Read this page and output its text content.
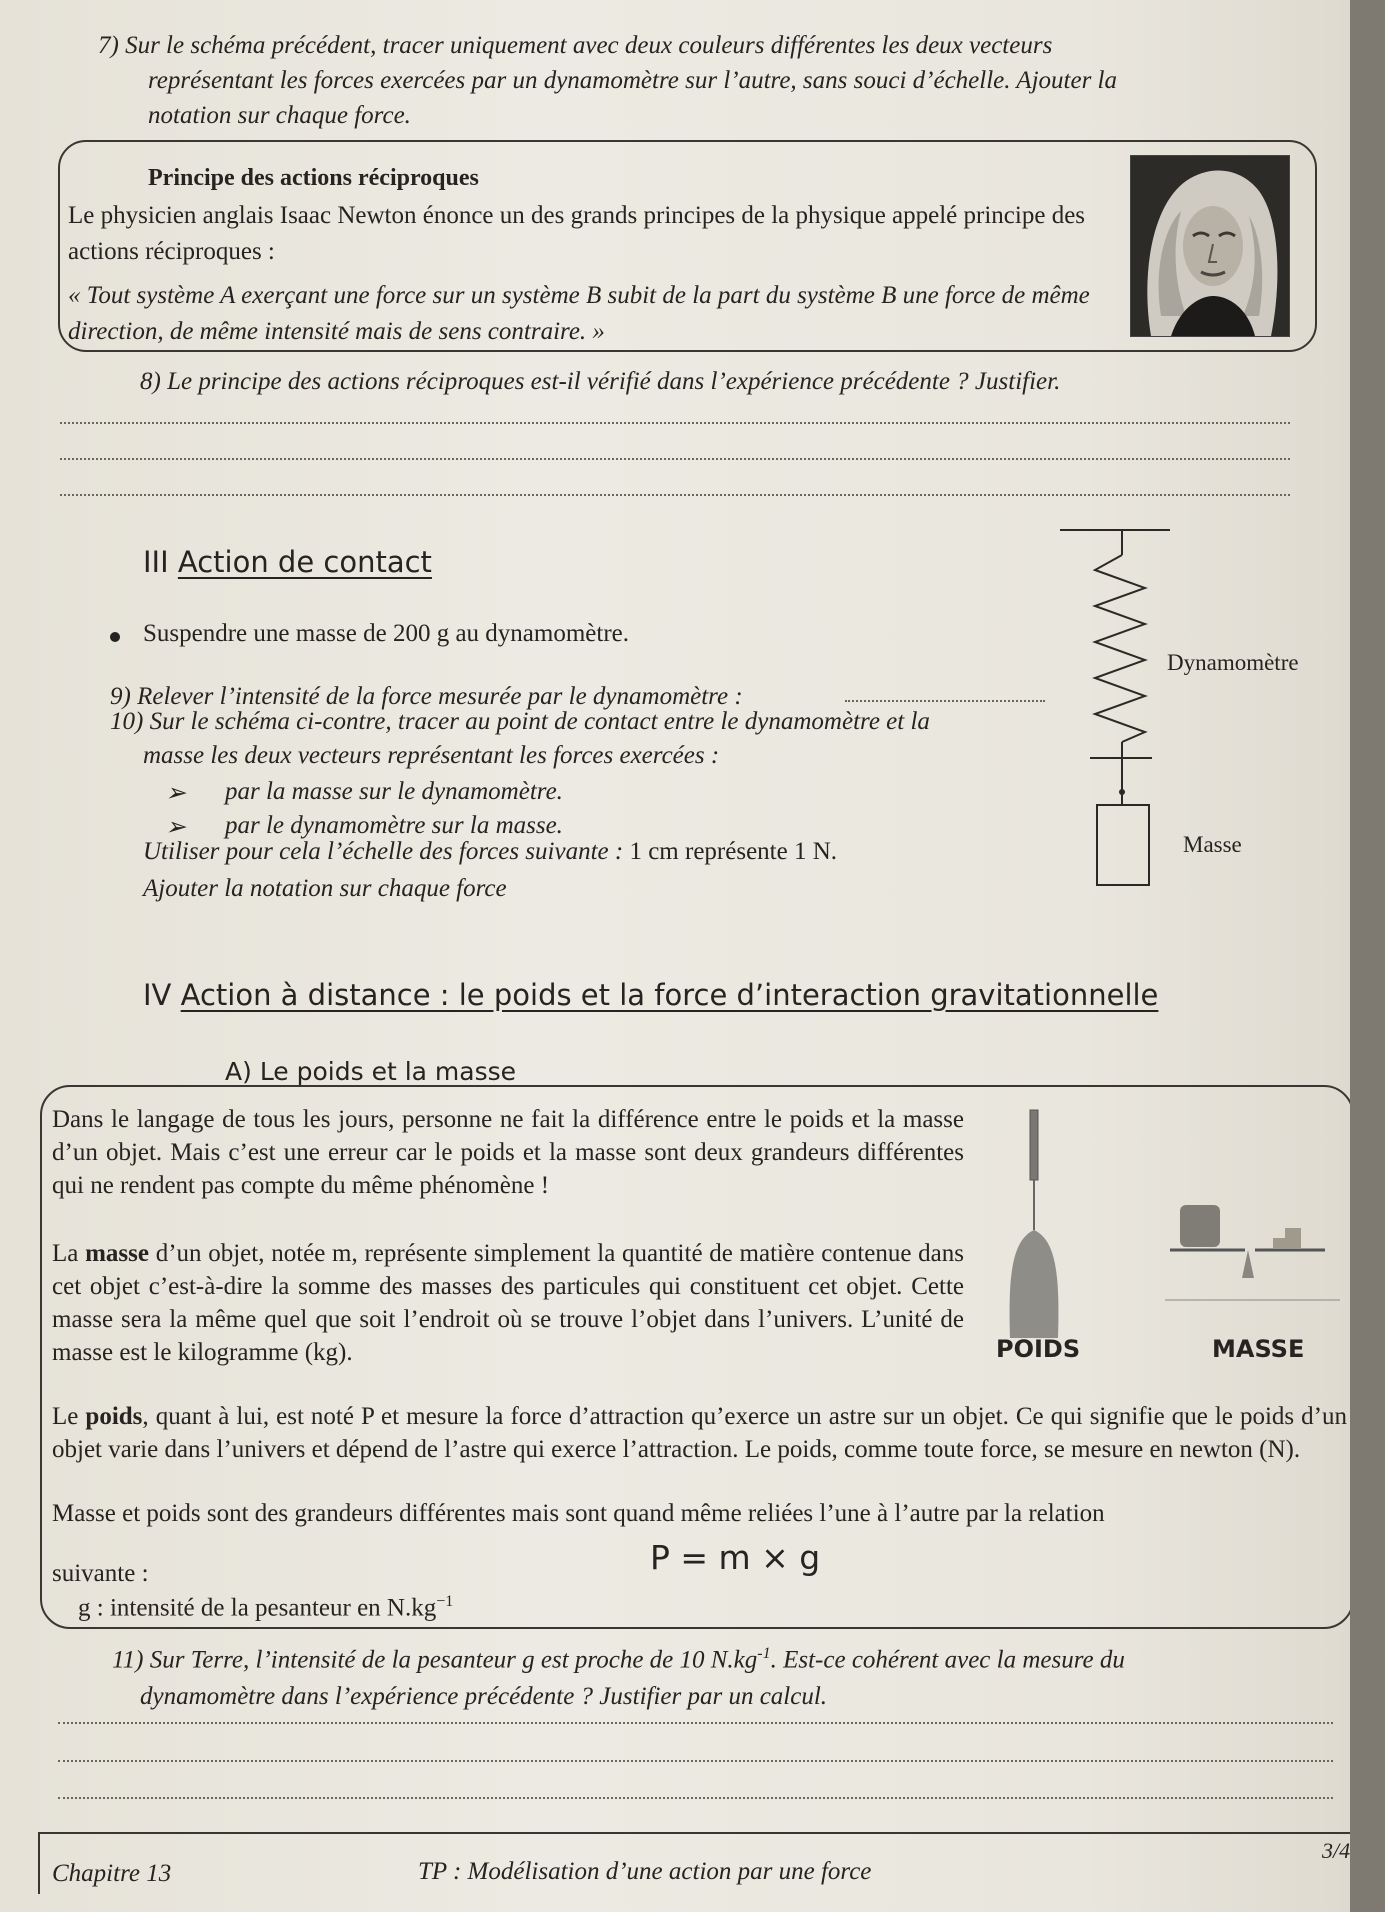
7) Sur le schéma précédent, tracer uniquement avec deux couleurs différentes les deux vecteurs
représentant les forces exercées par un dynamomètre sur l’autre, sans souci d’échelle. Ajouter la
notation sur chaque force.
Principe des actions réciproques
Le physicien anglais Isaac Newton énonce un des grands principes de la physique appelé principe des actions réciproques :
« Tout système A exerçant une force sur un système B subit de la part du système B une force de même direction, de même intensité mais de sens contraire. »
8) Le principe des actions réciproques est-il vérifié dans l’expérience précédente ? Justifier.
III Action de contact
Suspendre une masse de 200 g au dynamomètre.
9) Relever l’intensité de la force mesurée par le dynamomètre :
10) Sur le schéma ci-contre, tracer au point de contact entre le dynamomètre et la
masse les deux vecteurs représentant les forces exercées :
➢ par la masse sur le dynamomètre.
➢ par le dynamomètre sur la masse.
Utiliser pour cela l’échelle des forces suivante : 1 cm représente 1 N.
Ajouter la notation sur chaque force
Dynamomètre
Masse
IV Action à distance : le poids et la force d’interaction gravitationnelle
A) Le poids et la masse
Dans le langage de tous les jours, personne ne fait la différence entre le poids et la masse d’un objet. Mais c’est une erreur car le poids et la masse sont deux grandeurs différentes qui ne rendent pas compte du même phénomène !
La masse d’un objet, notée m, représente simplement la quantité de matière contenue dans cet objet c’est-à-dire la somme des masses des particules qui constituent cet objet. Cette masse sera la même quel que soit l’endroit où se trouve l’objet dans l’univers. L’unité de masse est le kilogramme (kg).	POIDS	MASSE
Le poids, quant à lui, est noté P et mesure la force d’attraction qu’exerce un astre sur un objet. Ce qui signifie que le poids d’un objet varie dans l’univers et dépend de l’astre qui exerce l’attraction. Le poids, comme toute force, se mesure en newton (N).
Masse et poids sont des grandeurs différentes mais sont quand même reliées l’une à l’autre par la relation
suivante :	P = m × g
g : intensité de la pesanteur en $N.kg^{-1}$
11) Sur Terre, l’intensité de la pesanteur g est proche de 10 $N.kg^{-1}$. Est-ce cohérent avec la mesure du
dynamomètre dans l’expérience précédente ? Justifier par un calcul.
Chapitre 13	TP : Modélisation d’une action par une force
3/4
